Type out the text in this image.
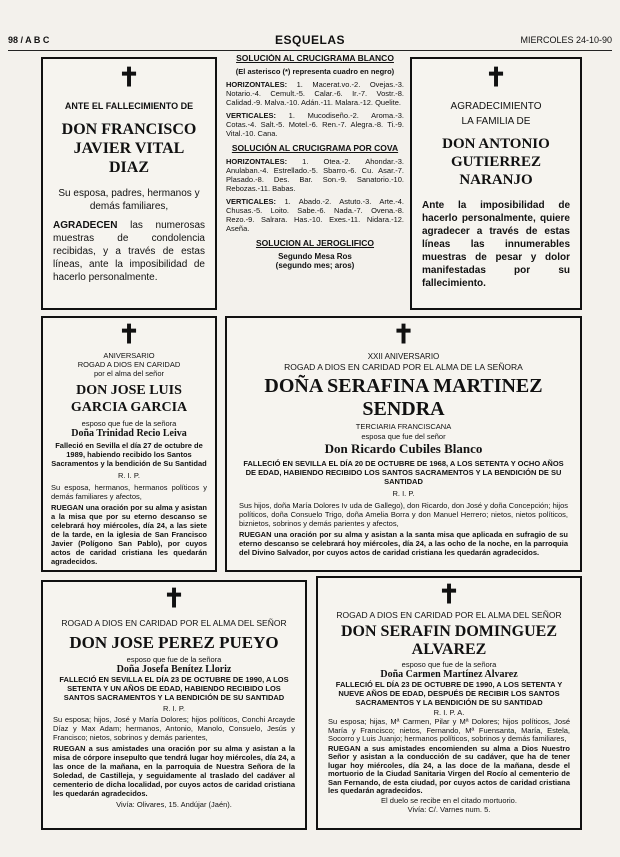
98 / A B C	ESQUELAS	MIERCOLES 24-10-90
✝
ANTE EL FALLECIMIENTO DE
DON FRANCISCO JAVIER VITAL DIAZ
Su esposa, padres, hermanos y demás familiares,
AGRADECEN las numerosas muestras de condolencia recibidas, y a través de estas líneas, ante la imposibilidad de hacerlo personalmente.
SOLUCIÓN AL CRUCIGRAMA BLANCO
(El asterisco (*) representa cuadro en negro)
HORIZONTALES: 1. Macerat.vo.-2. Ovejas.-3. Notario.-4. Cemult.-5. Calar.-6. Ir.-7. Vostr.-8. Calidad.-9. Malva.-10. Adán.-11. Malara.-12. Quelite.
VERTICALES: 1. Mucodiseño.-2. Aroma.-3. Cotas.-4. Salt.-5. Motel.-6. Ren.-7. Alegra.-8. Ti.-9. Vital.-10. Cana.
SOLUCIÓN AL CRUCIGRAMA POR COVA
HORIZONTALES: 1. Otea.-2. Ahondar.-3. Anulaban.-4. Estrellado.-5. Sbarro.-6. Cu. Asar.-7. Plasado.-8. Des. Bar. Son.-9. Sanatorio.-10. Rebozas.-11. Babas.
VERTICALES: 1. Abado.-2. Astuto.-3. Arte.-4. Chusas.-5. Loito. Sabe.-6. Nada.-7. Ovena.-8. Rezo.-9. Salrara. Has.-10. Exes.-11. Nidara.-12. Aseña.
SOLUCION AL JEROGLIFICO
Segundo Mesa Ros
(segundo mes; aros)
✝
AGRADECIMIENTO
LA FAMILIA DE
DON ANTONIO GUTIERREZ NARANJO
Ante la imposibilidad de hacerlo personalmente, quiere agradecer a través de estas líneas las innumerables muestras de pesar y dolor manifestadas por su fallecimiento.
✝
ANIVERSARIO
ROGAD A DIOS EN CARIDAD
por el alma del señor
DON JOSE LUIS GARCIA GARCIA
esposo que fue de la señora
Doña Trinidad Recio Leiva
Falleció en Sevilla el día 27 de octubre de 1989, habiendo recibido los Santos Sacramentos y la bendición de Su Santidad
R. I. P.
Su esposa, hermanos, hermanos políticos y demás familiares y afectos,
RUEGAN una oración por su alma y asistan a la misa que por su eterno descanso se celebrará hoy miércoles, día 24, a las siete de la tarde, en la iglesia de San Francisco Javier (Polígono San Pablo), por cuyos actos de caridad cristiana les quedarán agradecidos.
✝
XXII ANIVERSARIO
ROGAD A DIOS EN CARIDAD POR EL ALMA DE LA SEÑORA
DOÑA SERAFINA MARTINEZ SENDRA
TERCIARIA FRANCISCANA
esposa que fue del señor
Don Ricardo Cubiles Blanco
FALLECIÓ EN SEVILLA EL DÍA 20 DE OCTUBRE DE 1968, A LOS SETENTA Y OCHO AÑOS DE EDAD, HABIENDO RECIBIDO LOS SANTOS SACRAMENTOS Y LA BENDICIÓN DE SU SANTIDAD
R. I. P.
Sus hijos, doña María Dolores Iv uda de Gallego), don Ricardo, don José y doña Concepción; hijos políticos, doña Consuelo Trigo, doña Amelia Borra y don Manuel Herrero; nietos, nietos políticos, biznietos, sobrinos y demás parientes y afectos,
RUEGAN una oración por su alma y asistan a la santa misa que aplicada en sufragio de su eterno descanso se celebrará hoy miércoles, día 24, a las ocho de la noche, en la parroquia del Divino Salvador, por cuyos actos de caridad cristiana les quedarán agradecidos.
✝
ROGAD A DIOS EN CARIDAD POR EL ALMA DEL SEÑOR
DON JOSE PEREZ PUEYO
esposo que fue de la señora
Doña Josefa Benítez Lloriz
FALLECIÓ EN SEVILLA EL DÍA 23 DE OCTUBRE DE 1990, A LOS SETENTA Y UN AÑOS DE EDAD, HABIENDO RECIBIDO LOS SANTOS SACRAMENTOS Y LA BENDICIÓN DE SU SANTIDAD
R. I. P.
Su esposa; hijos, José y María Dolores; hijos políticos, Conchi Arcayde Díaz y Max Adam; hermanos, Antonio, Manolo, Consuelo, Jesús y Francisco; nietos, sobrinos y demás parientes,
RUEGAN a sus amistades una oración por su alma y asistan a la misa de córpore insepulto que tendrá lugar hoy miércoles, día 24, a las once de la mañana, en la parroquia de Nuestra Señora de la Soledad, de Castilleja, y seguidamente al traslado del cadáver al cementerio de dicha localidad, por cuyos actos de caridad cristiana les quedarán agradecidos.
Vivía: Olivares, 15. Andújar (Jaén).
✝
ROGAD A DIOS EN CARIDAD POR EL ALMA DEL SEÑOR
DON SERAFIN DOMINGUEZ ALVAREZ
esposo que fue de la señora
Doña Carmen Martínez Alvarez
FALLECIÓ EL DÍA 23 DE OCTUBRE DE 1990, A LOS SETENTA Y NUEVE AÑOS DE EDAD, DESPUÉS DE RECIBIR LOS SANTOS SACRAMENTOS Y LA BENDICIÓN DE SU SANTIDAD
R. I. P. A.
Su esposa; hijas, Mª Carmen, Pilar y Mª Dolores; hijos políticos, José María y Francisco; nietos, Fernando, Mª Fuensanta, María, Estela, Socorro y Luis Juanjo; hermanos políticos, sobrinos y demás familiares,
RUEGAN a sus amistades encomienden su alma a Dios Nuestro Señor y asistan a la conducción de su cadáver, que ha de tener lugar hoy miércoles, día 24, a las doce de la mañana, desde el mortuorio de la Ciudad Sanitaria Virgen del Rocío al cementerio de San Fernando, de esta ciudad, por cuyos actos de caridad cristiana les quedarán agradecidos.
El duelo se recibe en el citado mortuorio.
Vivía: C/. Varnes num. 5.
